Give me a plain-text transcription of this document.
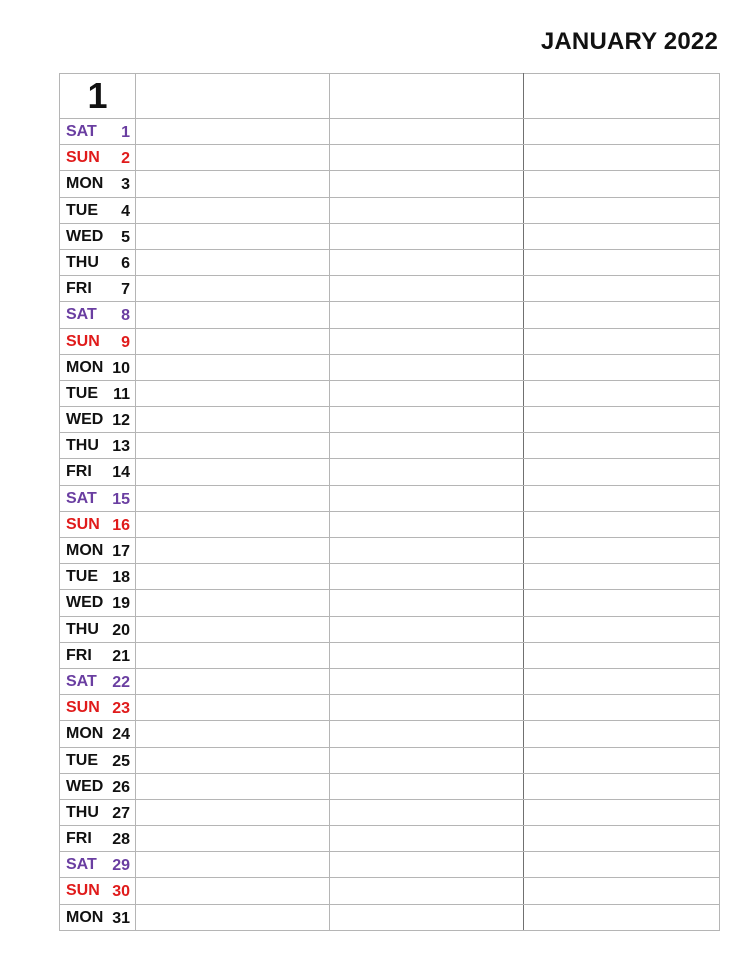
JANUARY 2022
1			

SAT 1			

SUN 2			

MON 3			

TUE 4			

WED 5			

THU 6			

FRI 7			

SAT 8			

SUN 9			

MON 10			

TUE 11			

WED 12			

THU 13			

FRI 14			

SAT 15			

SUN 16			

MON 17			

TUE 18			

WED 19			

THU 20			

FRI 21			

SAT 22			

SUN 23			

MON 24			

TUE 25			

WED 26			

THU 27			

FRI 28			

SAT 29			

SUN 30			

MON 31			
